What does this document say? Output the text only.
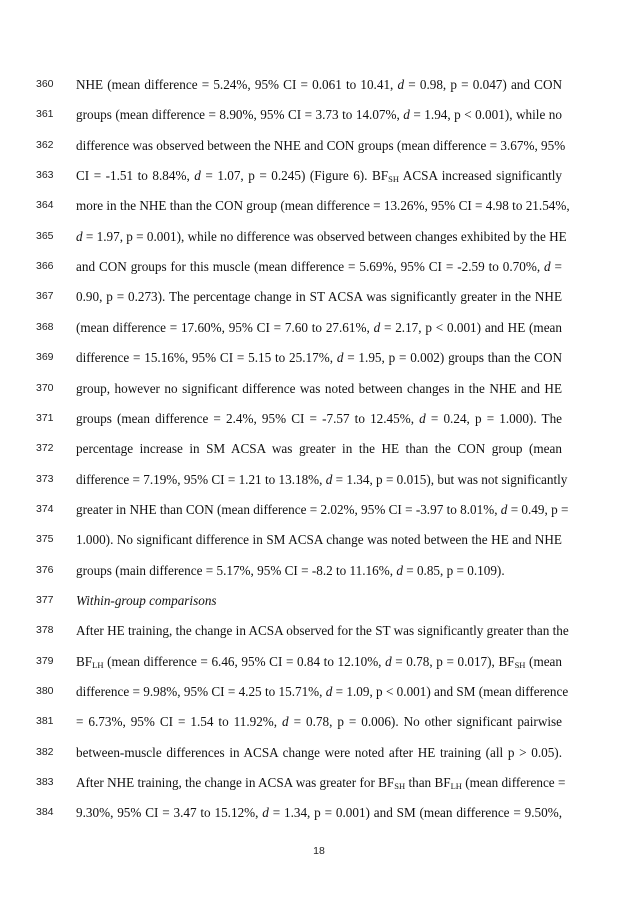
360 NHE (mean difference = 5.24%, 95% CI = 0.061 to 10.41, d = 0.98, p = 0.047) and CON
361 groups (mean difference = 8.90%, 95% CI = 3.73 to 14.07%, d = 1.94, p < 0.001), while no
362 difference was observed between the NHE and CON groups (mean difference = 3.67%, 95%
363 CI = -1.51 to 8.84%, d = 1.07, p = 0.245) (Figure 6). $BF_{SH}$ ACSA increased significantly
364 more in the NHE than the CON group (mean difference = 13.26%, 95% CI = 4.98 to 21.54%,
365 d = 1.97, p = 0.001), while no difference was observed between changes exhibited by the HE
366 and CON groups for this muscle (mean difference = 5.69%, 95% CI = -2.59 to 0.70%, d =
367 0.90, p = 0.273). The percentage change in ST ACSA was significantly greater in the NHE
368 (mean difference = 17.60%, 95% CI = 7.60 to 27.61%, d = 2.17, p < 0.001) and HE (mean
369 difference = 15.16%, 95% CI = 5.15 to 25.17%, d = 1.95, p = 0.002) groups than the CON
370 group, however no significant difference was noted between changes in the NHE and HE
371 groups (mean difference = 2.4%, 95% CI = -7.57 to 12.45%, d = 0.24, p = 1.000). The
372 percentage increase in SM ACSA was greater in the HE than the CON group (mean
373 difference = 7.19%, 95% CI = 1.21 to 13.18%, d = 1.34, p = 0.015), but was not significantly
374 greater in NHE than CON (mean difference = 2.02%, 95% CI = -3.97 to 8.01%, d = 0.49, p =
375 1.000). No significant difference in SM ACSA change was noted between the HE and NHE
376 groups (main difference = 5.17%, 95% CI = -8.2 to 11.16%, d = 0.85, p = 0.109).
377 Within-group comparisons
378 After HE training, the change in ACSA observed for the ST was significantly greater than the
379 $BF_{LH}$ (mean difference = 6.46, 95% CI = 0.84 to 12.10%, d = 0.78, p = 0.017), $BF_{SH}$ (mean
380 difference = 9.98%, 95% CI = 4.25 to 15.71%, d = 1.09, p < 0.001) and SM (mean difference
381 = 6.73%, 95% CI = 1.54 to 11.92%, d = 0.78, p = 0.006). No other significant pairwise
382 between-muscle differences in ACSA change were noted after HE training (all p > 0.05).
383 After NHE training, the change in ACSA was greater for $BF_{SH}$ than $BF_{LH}$ (mean difference =
384 9.30%, 95% CI = 3.47 to 15.12%, d = 1.34, p = 0.001) and SM (mean difference = 9.50%,
18
